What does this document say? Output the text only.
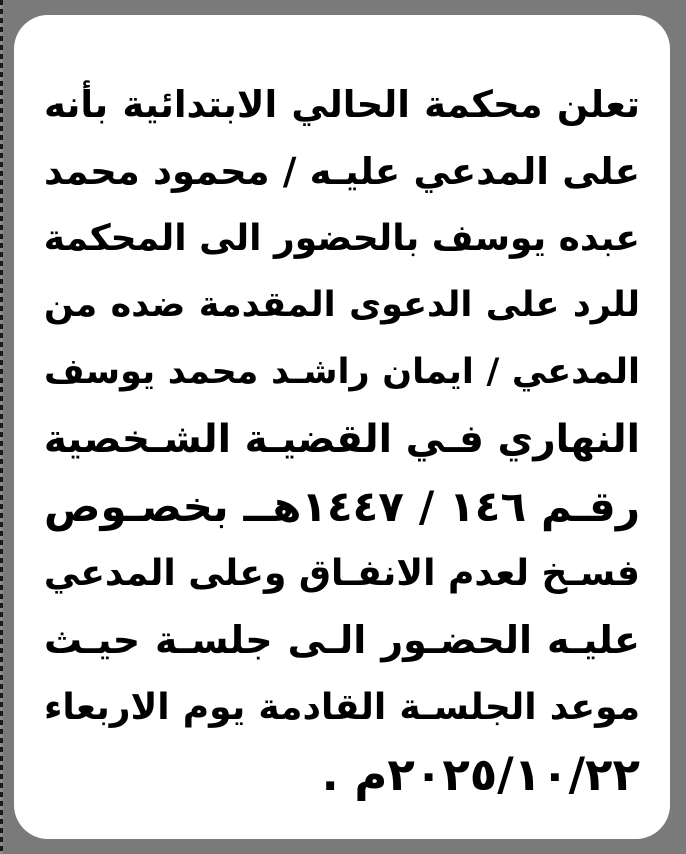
تعلن محكمة الحالي الابتدائية بأنه
على المدعي عليـه / محمود محمد
عبده يوسف بالحضور الى المحكمة
للرد على الدعوى المقدمة ضده من
المدعي / ايمان راشـد محمد يوسف
النهاري فـي القضيـة الشـخصية
رقـم ١٤٦ / ١٤٤٧هــ بخصـوص
فسـخ لعدم الانفـاق وعلى المدعي
عليـه الحضـور الـى جلسـة حيـث
موعد الجلسـة القادمة يوم الاربعاء
٢٠٢٥/١٠/٢٢م .
